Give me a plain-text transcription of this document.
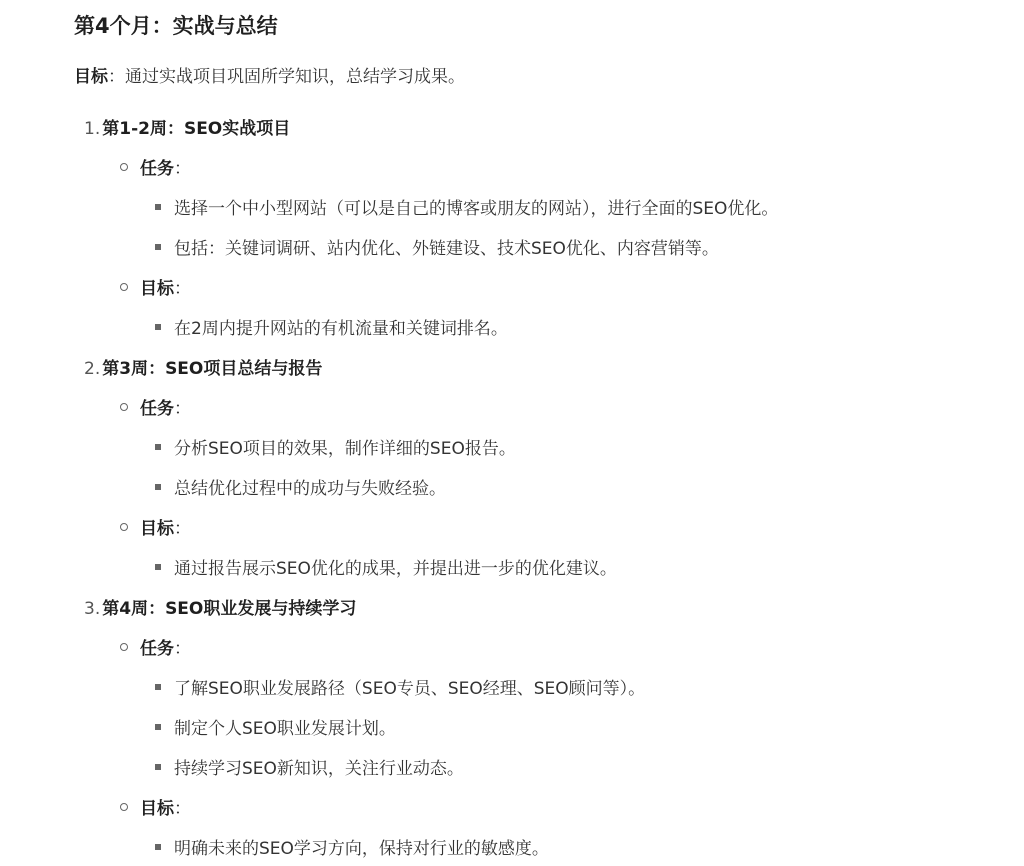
第4个月：实战与总结
目标：通过实战项目巩固所学知识，总结学习成果。
1. 第1-2周：SEO实战项目
任务：
选择一个中小型网站（可以是自己的博客或朋友的网站），进行全面的SEO优化。
包括：关键词调研、站内优化、外链建设、技术SEO优化、内容营销等。
目标：
在2周内提升网站的有机流量和关键词排名。
2. 第3周：SEO项目总结与报告
任务：
分析SEO项目的效果，制作详细的SEO报告。
总结优化过程中的成功与失败经验。
目标：
通过报告展示SEO优化的成果，并提出进一步的优化建议。
3. 第4周：SEO职业发展与持续学习
任务：
了解SEO职业发展路径（SEO专员、SEO经理、SEO顾问等）。
制定个人SEO职业发展计划。
持续学习SEO新知识，关注行业动态。
目标：
明确未来的SEO学习方向，保持对行业的敏感度。
